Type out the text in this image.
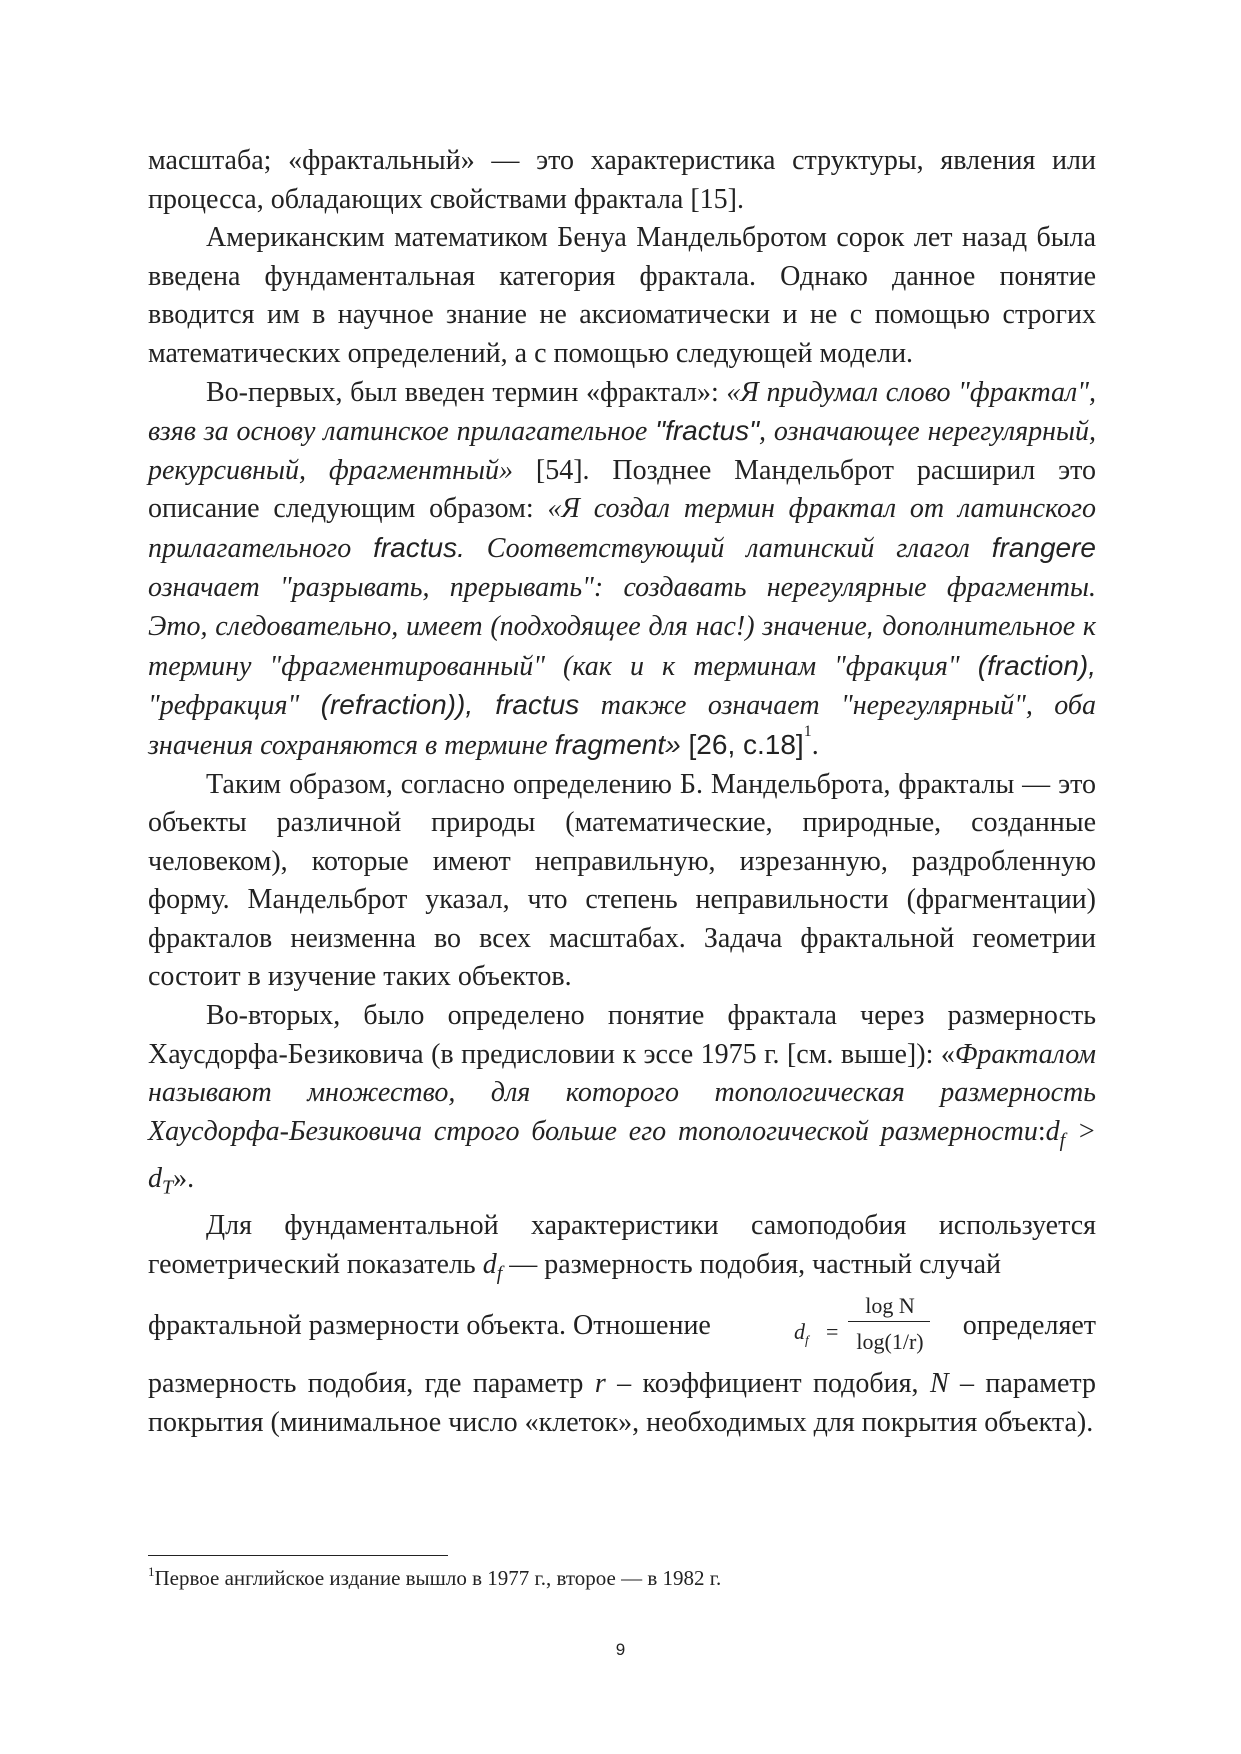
масштаба; «фрактальный» — это характеристика структуры, явления или процесса, обладающих свойствами фрактала [15].

Американским математиком Бенуа Мандельбротом сорок лет назад была введена фундаментальная категория фрактала. Однако данное понятие вводится им в научное знание не аксиоматически и не с помощью строгих математических определений, а с помощью следующей модели.

Во-первых, был введен термин «фрактал»: «Я придумал слово "фрактал", взяв за основу латинское прилагательное "fractus", означающее нерегулярный, рекурсивный, фрагментный» [54]. Позднее Мандельброт расширил это описание следующим образом: «Я создал термин фрактал от латинского прилагательного fractus. Соответствующий латинский глагол frangere означает "разрывать, прерывать": создавать нерегулярные фрагменты. Это, следовательно, имеет (подходящее для нас!) значение, дополнительное к термину "фрагментированный" (как и к терминам "фракция" (fraction), "рефракция" (refraction)), fractus также означает "нерегулярный", оба значения сохраняются в термине fragment» [26, с.18]$^1$.

Таким образом, согласно определению Б. Мандельброта, фракталы — это объекты различной природы (математические, природные, созданные человеком), которые имеют неправильную, изрезанную, раздробленную форму. Мандельброт указал, что степень неправильности (фрагментации) фракталов неизменна во всех масштабах. Задача фрактальной геометрии состоит в изучение таких объектов.

Во-вторых, было определено понятие фрактала через размерность Хаусдорфа-Безиковича (в предисловии к эссе 1975 г. [см. выше]): «Фракталом называют множество, для которого топологическая размерность Хаусдорфа-Безиковича строго больше его топологической $размерности:d_f > d_T$».

Для фундаментальной характеристики самоподобия используется геометрический показатель $d_f$ — размерность подобия, частный случай

фрактальной размерности объекта. Отношение	$d_f$ =
log N
log(1/r)
определяет

размерность подобия, где параметр r – коэффициент подобия, N – параметр покрытия (минимальное число «клеток», необходимых для покрытия объекта).

$^1$Первое английское издание вышло в 1977 г., второе — в 1982 г.
9
